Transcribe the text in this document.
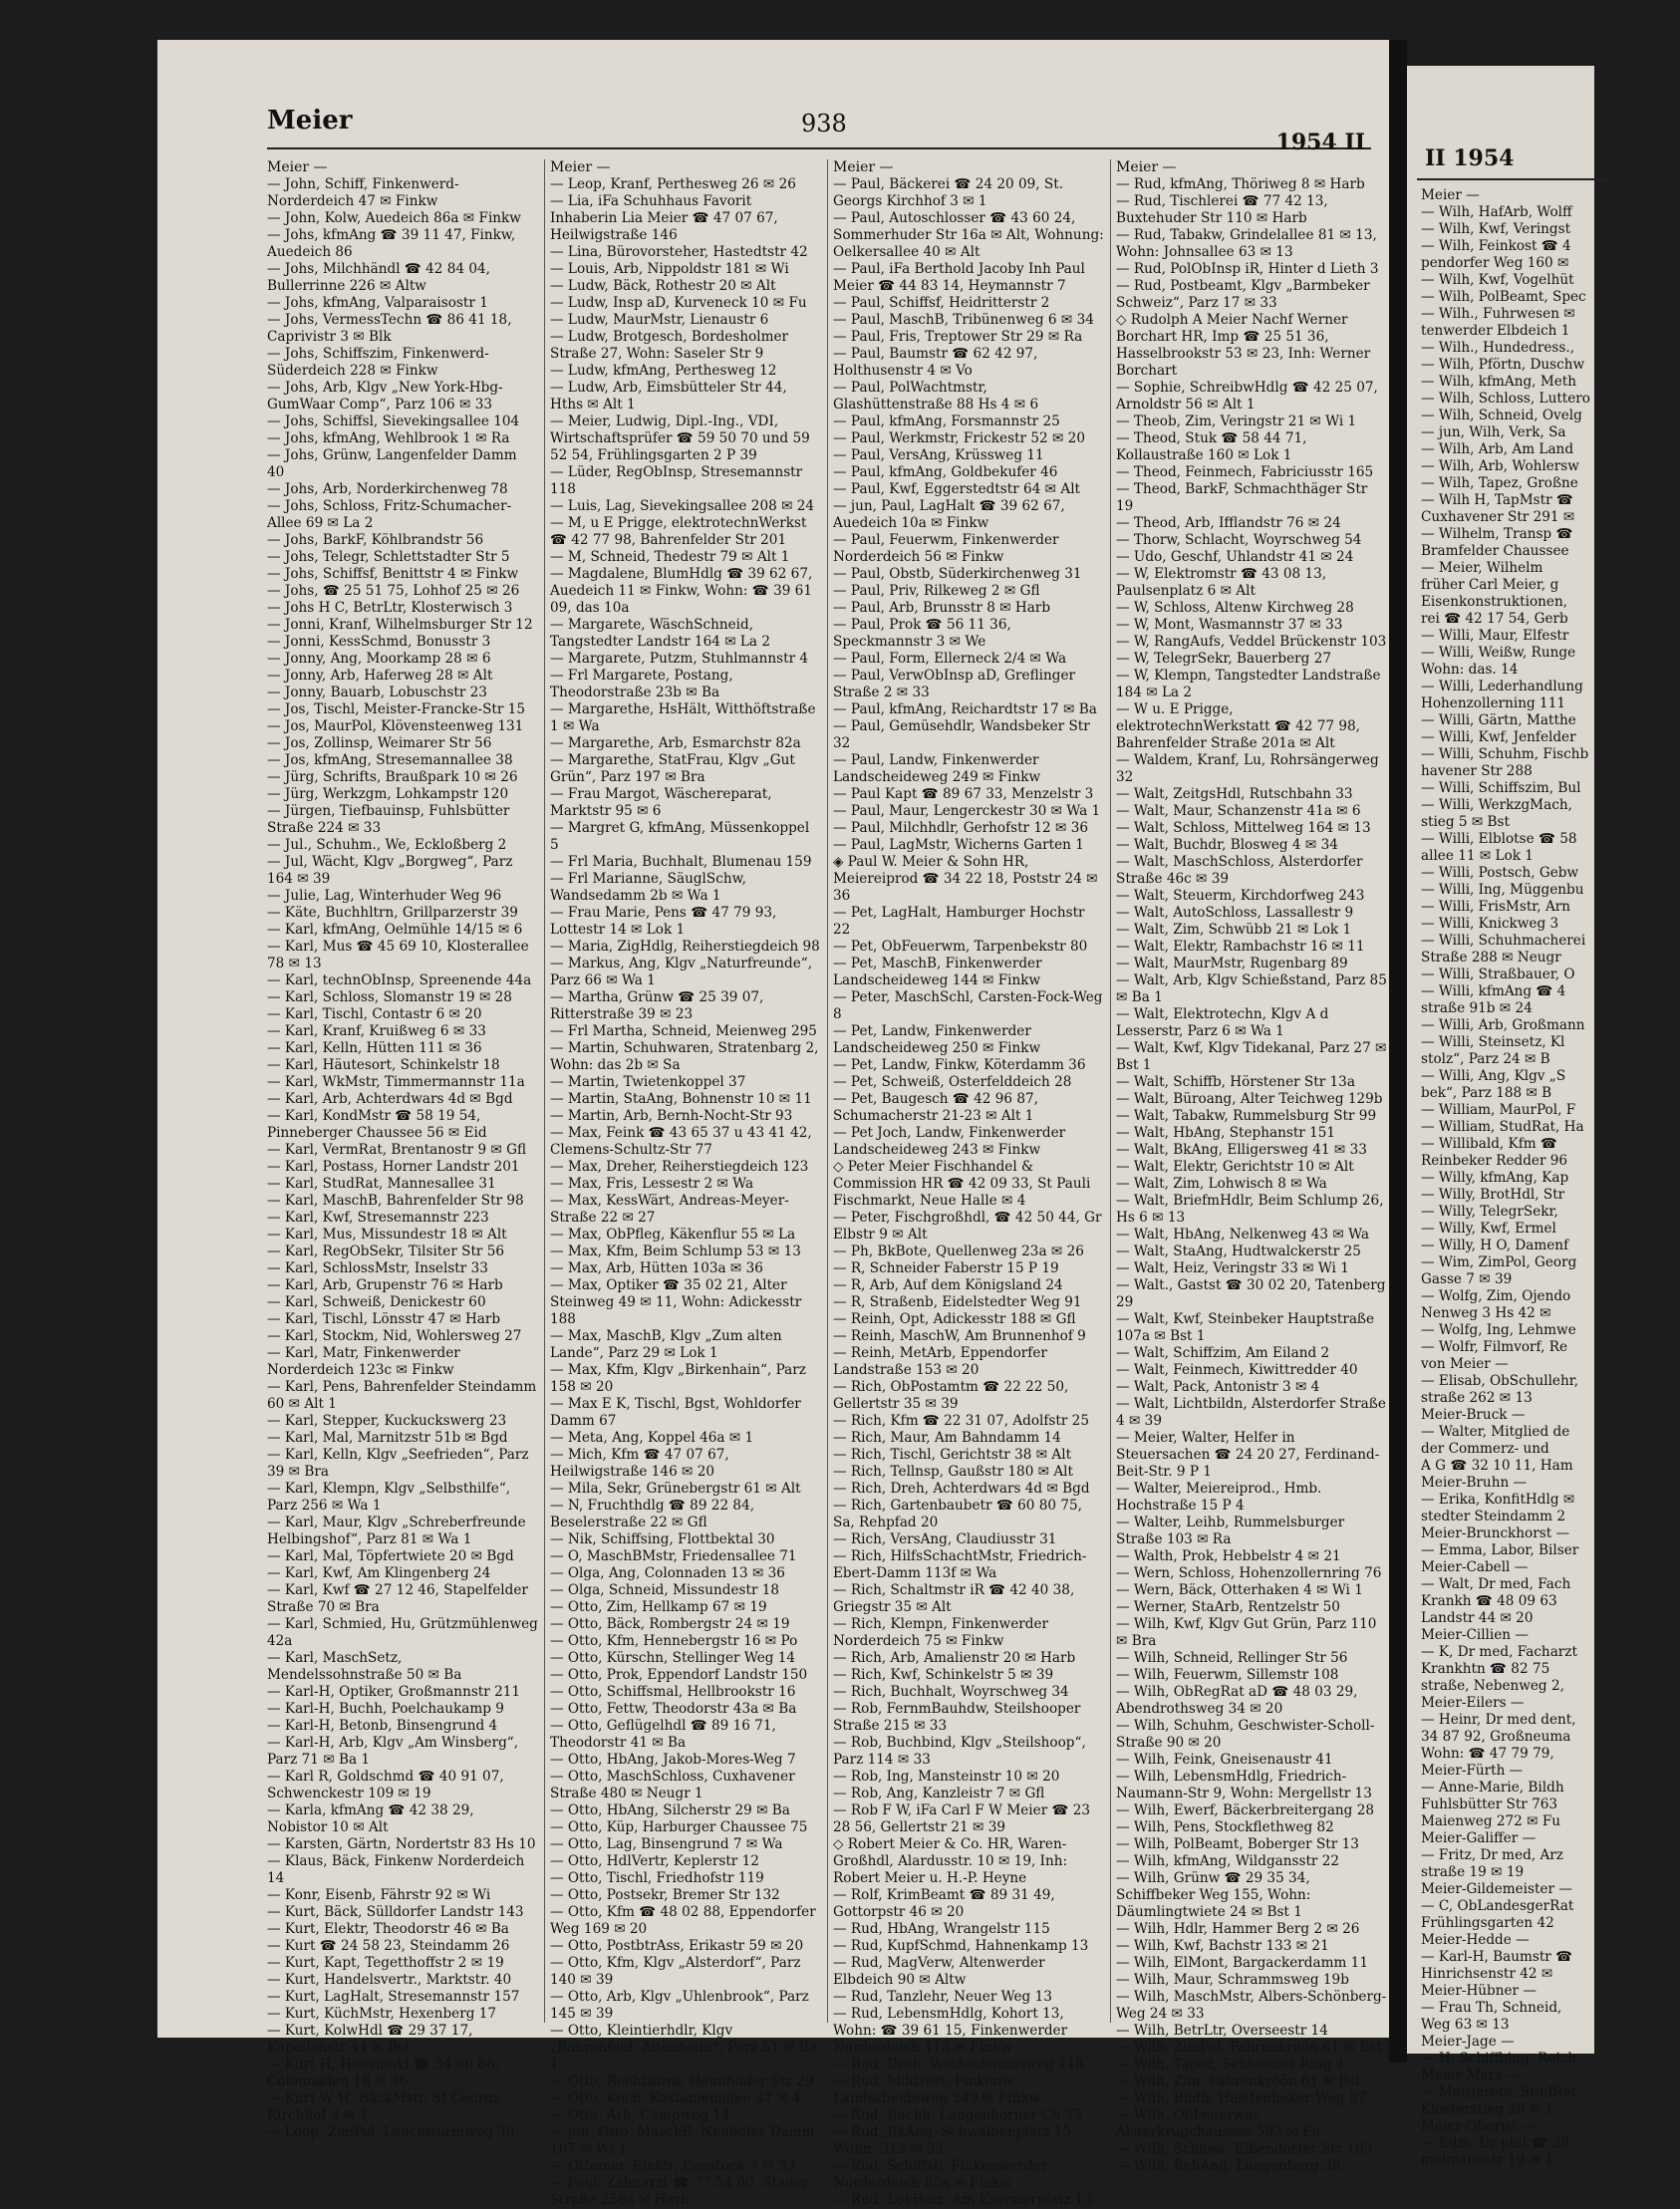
Meier	938
1954 II
Meier —
— John, Schiff, Finkenwerd-Norderdeich 47 ✉ Finkw
— John, Kolw, Auedeich 86a ✉ Finkw
— Johs, kfmAng ☎ 39 11 47, Finkw, Auedeich 86
— Johs, Milchhändl ☎ 42 84 04, Bullerrinne 226 ✉ Altw
— Johs, kfmAng, Valparaisostr 1
— Johs, VermessTechn ☎ 86 41 18, Caprivistr 3 ✉ Blk
— Johs, Schiffszim, Finkenwerd-Süderdeich 228 ✉ Finkw
— Johs, Arb, Klgv „New York-Hbg-GumWaar Comp“, Parz 106 ✉ 33
— Johs, Schiffsl, Sievekingsallee 104
— Johs, kfmAng, Wehlbrook 1 ✉ Ra
— Johs, Grünw, Langenfelder Damm 40
— Johs, Arb, Norderkirchenweg 78
— Johs, Schloss, Fritz-Schumacher-Allee 69 ✉ La 2
— Johs, BarkF, Köhlbrandstr 56
— Johs, Telegr, Schlettstadter Str 5
— Johs, Schiffsf, Benittstr 4 ✉ Finkw
— Johs, ☎ 25 51 75, Lohhof 25 ✉ 26
— Johs H C, BetrLtr, Klosterwisch 3
— Jonni, Kranf, Wilhelmsburger Str 12
— Jonni, KessSchmd, Bonusstr 3
— Jonny, Ang, Moorkamp 28 ✉ 6
— Jonny, Arb, Haferweg 28 ✉ Alt
— Jonny, Bauarb, Lobuschstr 23
— Jos, Tischl, Meister-Francke-Str 15
— Jos, MaurPol, Klövensteenweg 131
— Jos, Zollinsp, Weimarer Str 56
— Jos, kfmAng, Stresemannallee 38
— Jürg, Schrifts, Braußpark 10 ✉ 26
— Jürg, Werkzgm, Lohkampstr 120
— Jürgen, Tiefbauinsp, Fuhlsbütter Straße 224 ✉ 33
— Jul., Schuhm., We, Eckloßberg 2
— Jul, Wächt, Klgv „Borgweg“, Parz 164 ✉ 39
— Julie, Lag, Winterhuder Weg 96
— Käte, Buchhltrn, Grillparzerstr 39
— Karl, kfmAng, Oelmühle 14/15 ✉ 6
— Karl, Mus ☎ 45 69 10, Klosterallee 78 ✉ 13
— Karl, technObInsp, Spreenende 44a
— Karl, Schloss, Slomanstr 19 ✉ 28
— Karl, Tischl, Contastr 6 ✉ 20
— Karl, Kranf, Kruißweg 6 ✉ 33
— Karl, Kelln, Hütten 111 ✉ 36
— Karl, Häutesort, Schinkelstr 18
— Karl, WkMstr, Timmermannstr 11a
— Karl, Arb, Achterdwars 4d ✉ Bgd
— Karl, KondMstr ☎ 58 19 54, Pinneberger Chaussee 56 ✉ Eid
— Karl, VermRat, Brentanostr 9 ✉ Gfl
— Karl, Postass, Horner Landstr 201
— Karl, StudRat, Mannesallee 31
— Karl, MaschB, Bahrenfelder Str 98
— Karl, Kwf, Stresemannstr 223
— Karl, Mus, Missundestr 18 ✉ Alt
— Karl, RegObSekr, Tilsiter Str 56
— Karl, SchlossMstr, Inselstr 33
— Karl, Arb, Grupenstr 76 ✉ Harb
— Karl, Schweiß, Denickestr 60
— Karl, Tischl, Lönsstr 47 ✉ Harb
— Karl, Stockm, Nid, Wohlersweg 27
— Karl, Matr, Finkenwerder Norderdeich 123c ✉ Finkw
— Karl, Pens, Bahrenfelder Steindamm 60 ✉ Alt 1
— Karl, Stepper, Kuckuckswerg 23
— Karl, Mal, Marnitzstr 51b ✉ Bgd
— Karl, Kelln, Klgv „Seefrieden“, Parz 39 ✉ Bra
— Karl, Klempn, Klgv „Selbsthilfe“, Parz 256 ✉ Wa 1
— Karl, Maur, Klgv „Schreberfreunde Helbingshof“, Parz 81 ✉ Wa 1
— Karl, Mal, Töpfertwiete 20 ✉ Bgd
— Karl, Kwf, Am Klingenberg 24
— Karl, Kwf ☎ 27 12 46, Stapelfelder Straße 70 ✉ Bra
— Karl, Schmied, Hu, Grützmühlenweg 42a
— Karl, MaschSetz, Mendelssohnstraße 50 ✉ Ba
— Karl-H, Optiker, Großmannstr 211
— Karl-H, Buchh, Poelchaukamp 9
— Karl-H, Betonb, Binsengrund 4
— Karl-H, Arb, Klgv „Am Winsberg“, Parz 71 ✉ Ba 1
— Karl R, Goldschmd ☎ 40 91 07, Schwenckestr 109 ✉ 19
— Karla, kfmAng ☎ 42 38 29, Nobistor 10 ✉ Alt
— Karsten, Gärtn, Nordertstr 83 Hs 10
— Klaus, Bäck, Finkenw Norderdeich 14
— Konr, Eisenb, Fährstr 92 ✉ Wi
— Kurt, Bäck, Sülldorfer Landstr 143
— Kurt, Elektr, Theodorstr 46 ✉ Ba
— Kurt ☎ 24 58 23, Steindamm 26
— Kurt, Kapt, Tegetthoffstr 2 ✉ 19
— Kurt, Handelsvertr., Marktstr. 40
— Kurt, LagHalt, Stresemannstr 157
— Kurt, KüchMstr, Hexenberg 17
— Kurt, KolwHdl ☎ 29 37 17, Kapellenstr 44 ✉ Bst
— Kurt H, Hausmakl ☎ 34 60 86, Colonnaden 18 ✉ 36
— Kurt W H, BäckMstr, St Georgs Kirchhof 3 ✉ 1
— Leop, ZimPol, Leuchtturmweg 30
Meier —
— Leop, Kranf, Perthesweg 26 ✉ 26
— Lia, iFa Schuhhaus Favorit Inhaberin Lia Meier ☎ 47 07 67, Heilwigstraße 146
— Lina, Bürovorsteher, Hastedtstr 42
— Louis, Arb, Nippoldstr 181 ✉ Wi
— Ludw, Bäck, Rothestr 20 ✉ Alt
— Ludw, Insp aD, Kurveneck 10 ✉ Fu
— Ludw, MaurMstr, Lienaustr 6
— Ludw, Brotgesch, Bordesholmer Straße 27, Wohn: Saseler Str 9
— Ludw, kfmAng, Perthesweg 12
— Ludw, Arb, Eimsbütteler Str 44, Hths ✉ Alt 1
— Meier, Ludwig, Dipl.-Ing., VDI, Wirtschaftsprüfer ☎ 59 50 70 und 59 52 54, Frühlingsgarten 2 P 39
— Lüder, RegObInsp, Stresemannstr 118
— Luis, Lag, Sievekingsallee 208 ✉ 24
— M, u E Prigge, elektrotechnWerkst ☎ 42 77 98, Bahrenfelder Str 201
— M, Schneid, Thedestr 79 ✉ Alt 1
— Magdalene, BlumHdlg ☎ 39 62 67, Auedeich 11 ✉ Finkw, Wohn: ☎ 39 61 09, das 10a
— Margarete, WäschSchneid, Tangstedter Landstr 164 ✉ La 2
— Margarete, Putzm, Stuhlmannstr 4
— Frl Margarete, Postang, Theodorstraße 23b ✉ Ba
— Margarethe, HsHält, Witthöftstraße 1 ✉ Wa
— Margarethe, Arb, Esmarchstr 82a
— Margarethe, StatFrau, Klgv „Gut Grün“, Parz 197 ✉ Bra
— Frau Margot, Wäschereparat, Marktstr 95 ✉ 6
— Margret G, kfmAng, Müssenkoppel 5
— Frl Maria, Buchhalt, Blumenau 159
— Frl Marianne, SäuglSchw, Wandsedamm 2b ✉ Wa 1
— Frau Marie, Pens ☎ 47 79 93, Lottestr 14 ✉ Lok 1
— Maria, ZigHdlg, Reiherstiegdeich 98
— Markus, Ang, Klgv „Naturfreunde“, Parz 66 ✉ Wa 1
— Martha, Grünw ☎ 25 39 07, Ritterstraße 39 ✉ 23
— Frl Martha, Schneid, Meienweg 295
— Martin, Schuhwaren, Stratenbarg 2, Wohn: das 2b ✉ Sa
— Martin, Twietenkoppel 37
— Martin, StaAng, Bohnenstr 10 ✉ 11
— Martin, Arb, Bernh-Nocht-Str 93
— Max, Feink ☎ 43 65 37 u 43 41 42, Clemens-Schultz-Str 77
— Max, Dreher, Reiherstiegdeich 123
— Max, Fris, Lessestr 2 ✉ Wa
— Max, KessWärt, Andreas-Meyer-Straße 22 ✉ 27
— Max, ObPfleg, Käkenflur 55 ✉ La
— Max, Kfm, Beim Schlump 53 ✉ 13
— Max, Arb, Hütten 103a ✉ 36
— Max, Optiker ☎ 35 02 21, Alter Steinweg 49 ✉ 11, Wohn: Adickesstr 188
— Max, MaschB, Klgv „Zum alten Lande“, Parz 29 ✉ Lok 1
— Max, Kfm, Klgv „Birkenhain“, Parz 158 ✉ 20
— Max E K, Tischl, Bgst, Wohldorfer Damm 67
— Meta, Ang, Koppel 46a ✉ 1
— Mich, Kfm ☎ 47 07 67, Heilwigstraße 146 ✉ 20
— Mila, Sekr, Grünebergstr 61 ✉ Alt
— N, Fruchthdlg ☎ 89 22 84, Beselerstraße 22 ✉ Gfl
— Nik, Schiffsing, Flottbektal 30
— O, MaschBMstr, Friedensallee 71
— Olga, Ang, Colonnaden 13 ✉ 36
— Olga, Schneid, Missundestr 18
— Otto, Zim, Hellkamp 67 ✉ 19
— Otto, Bäck, Rombergstr 24 ✉ 19
— Otto, Kfm, Hennebergstr 16 ✉ Po
— Otto, Kürschn, Stellinger Weg 14
— Otto, Prok, Eppendorf Landstr 150
— Otto, Schiffsmal, Hellbrookstr 16
— Otto, Fettw, Theodorstr 43a ✉ Ba
— Otto, Geflügelhdl ☎ 89 16 71, Theodorstr 41 ✉ Ba
— Otto, HbAng, Jakob-Mores-Weg 7
— Otto, MaschSchloss, Cuxhavener Straße 480 ✉ Neugr 1
— Otto, HbAng, Silcherstr 29 ✉ Ba
— Otto, Küp, Harburger Chaussee 75
— Otto, Lag, Binsengrund 7 ✉ Wa
— Otto, HdlVertr, Keplerstr 12
— Otto, Tischl, Friedhofstr 119
— Otto, Postsekr, Bremer Str 132
— Otto, Kfm ☎ 48 02 88, Eppendorfer Weg 169 ✉ 20
— Otto, PostbtrAss, Erikastr 59 ✉ 20
— Otto, Kfm, Klgv „Alsterdorf“, Parz 140 ✉ 39
— Otto, Arb, Klgv „Uhlenbrook“, Parz 145 ✉ 39
— Otto, Kleintierhdlr, Klgv „Bahrenfeld, Altenheim“, Parz 51 ✉ Ba 1
— Otto, Rechtsanw, Heimhuder Str 29
— Otto, Koch, Kastanienallee 37 ✉ 4
— Otto, Arb, Campweg 14
— jun, Otto, MaschB, Neuhöfer Damm 107 ✉ Wi 1
— Ottomar, Elektr, Eenstock 7 ✉ 33
— Paul, Zahnarzt ☎ 77 54 00, Stader Straße 258a ✉ Harb
Meier —
— Paul, Bäckerei ☎ 24 20 09, St. Georgs Kirchhof 3 ✉ 1
— Paul, Autoschlosser ☎ 43 60 24, Sommerhuder Str 16a ✉ Alt, Wohnung: Oelkersallee 40 ✉ Alt
— Paul, iFa Berthold Jacoby Inh Paul Meier ☎ 44 83 14, Heymannstr 7
— Paul, Schiffsf, Heidritterstr 2
— Paul, MaschB, Tribünenweg 6 ✉ 34
— Paul, Fris, Treptower Str 29 ✉ Ra
— Paul, Baumstr ☎ 62 42 97, Holthusenstr 4 ✉ Vo
— Paul, PolWachtmstr, Glashüttenstraße 88 Hs 4 ✉ 6
— Paul, kfmAng, Forsmannstr 25
— Paul, Werkmstr, Frickestr 52 ✉ 20
— Paul, VersAng, Krüssweg 11
— Paul, kfmAng, Goldbekufer 46
— Paul, Kwf, Eggerstedtstr 64 ✉ Alt
— jun, Paul, LagHalt ☎ 39 62 67, Auedeich 10a ✉ Finkw
— Paul, Feuerwm, Finkenwerder Norderdeich 56 ✉ Finkw
— Paul, Obstb, Süderkirchenweg 31
— Paul, Priv, Rilkeweg 2 ✉ Gfl
— Paul, Arb, Brunsstr 8 ✉ Harb
— Paul, Prok ☎ 56 11 36, Speckmannstr 3 ✉ We
— Paul, Form, Ellerneck 2/4 ✉ Wa
— Paul, VerwObInsp aD, Greflinger Straße 2 ✉ 33
— Paul, kfmAng, Reichardtstr 17 ✉ Ba
— Paul, Gemüsehdlr, Wandsbeker Str 32
— Paul, Landw, Finkenwerder Landscheideweg 249 ✉ Finkw
— Paul Kapt ☎ 89 67 33, Menzelstr 3
— Paul, Maur, Lengerckestr 30 ✉ Wa 1
— Paul, Milchhdlr, Gerhofstr 12 ✉ 36
— Paul, LagMstr, Wicherns Garten 1
◈ Paul W. Meier & Sohn HR, Meiereiprod ☎ 34 22 18, Poststr 24 ✉ 36
— Pet, LagHalt, Hamburger Hochstr 22
— Pet, ObFeuerwm, Tarpenbekstr 80
— Pet, MaschB, Finkenwerder Landscheideweg 144 ✉ Finkw
— Peter, MaschSchl, Carsten-Fock-Weg 8
— Pet, Landw, Finkenwerder Landscheideweg 250 ✉ Finkw
— Pet, Landw, Finkw, Köterdamm 36
— Pet, Schweiß, Osterfelddeich 28
— Pet, Baugesch ☎ 42 96 87, Schumacherstr 21-23 ✉ Alt 1
— Pet Joch, Landw, Finkenwerder Landscheideweg 243 ✉ Finkw
◇ Peter Meier Fischhandel & Commission HR ☎ 42 09 33, St Pauli Fischmarkt, Neue Halle ✉ 4
— Peter, Fischgroßhdl, ☎ 42 50 44, Gr Elbstr 9 ✉ Alt
— Ph, BkBote, Quellenweg 23a ✉ 26
— R, Schneider Faberstr 15 P 19
— R, Arb, Auf dem Königsland 24
— R, Straßenb, Eidelstedter Weg 91
— Reinh, Opt, Adickesstr 188 ✉ Gfl
— Reinh, MaschW, Am Brunnenhof 9
— Reinh, MetArb, Eppendorfer Landstraße 153 ✉ 20
— Rich, ObPostamtm ☎ 22 22 50, Gellertstr 35 ✉ 39
— Rich, Kfm ☎ 22 31 07, Adolfstr 25
— Rich, Maur, Am Bahndamm 14
— Rich, Tischl, Gerichtstr 38 ✉ Alt
— Rich, Tellnsp, Gaußstr 180 ✉ Alt
— Rich, Dreh, Achterdwars 4d ✉ Bgd
— Rich, Gartenbaubetr ☎ 60 80 75, Sa, Rehpfad 20
— Rich, VersAng, Claudiusstr 31
— Rich, HilfsSchachtMstr, Friedrich-Ebert-Damm 113f ✉ Wa
— Rich, Schaltmstr iR ☎ 42 40 38, Griegstr 35 ✉ Alt
— Rich, Klempn, Finkenwerder Norderdeich 75 ✉ Finkw
— Rich, Arb, Amalienstr 20 ✉ Harb
— Rich, Kwf, Schinkelstr 5 ✉ 39
— Rich, Buchhalt, Woyrschweg 34
— Rob, FernmBauhdw, Steilshooper Straße 215 ✉ 33
— Rob, Buchbind, Klgv „Steilshoop“, Parz 114 ✉ 33
— Rob, Ing, Mansteinstr 10 ✉ 20
— Rob, Ang, Kanzleistr 7 ✉ Gfl
— Rob F W, iFa Carl F W Meier ☎ 23 28 56, Gellertstr 21 ✉ 39
◇ Robert Meier & Co. HR, Waren-Großhdl, Alardusstr. 10 ✉ 19, Inh: Robert Meier u. H.-P. Heyne
— Rolf, KrimBeamt ☎ 89 31 49, Gottorpstr 46 ✉ 20
— Rud, HbAng, Wrangelstr 115
— Rud, KupfSchmd, Hahnenkamp 13
— Rud, MagVerw, Altenwerder Elbdeich 90 ✉ Altw
— Rud, Tanzlehr, Neuer Weg 13
— Rud, LebensmHdlg, Kohort 13, Wohn: ☎ 39 61 15, Finkenwerder Norderdeich 115 ✉ Finkw
— Rud, Dreh, Weidenbaumsweg 118
— Rud, Mildvert, Finkenw Landscheideweg 249 ✉ Finkw
— Rud, Buchh, Langenhorner Ch 35
— Rud, BkAng, Schwalbenplatz 15, Wohn: 312 ✉ 33
— Rud, Schiffsb, Finkenwerder Norderdeich 85a ✉ Finkw
— Rud, LokHeiz, Am Exerzierplatz 13
Meier —
— Rud, kfmAng, Thöriweg 8 ✉ Harb
— Rud, Tischlerei ☎ 77 42 13, Buxtehuder Str 110 ✉ Harb
— Rud, Tabakw, Grindelallee 81 ✉ 13, Wohn: Johnsallee 63 ✉ 13
— Rud, PolObInsp iR, Hinter d Lieth 3
— Rud, Postbeamt, Klgv „Barmbeker Schweiz“, Parz 17 ✉ 33
◇ Rudolph A Meier Nachf Werner Borchart HR, Imp ☎ 25 51 36, Hasselbrookstr 53 ✉ 23, Inh: Werner Borchart
— Sophie, SchreibwHdlg ☎ 42 25 07, Arnoldstr 56 ✉ Alt 1
— Theob, Zim, Veringstr 21 ✉ Wi 1
— Theod, Stuk ☎ 58 44 71, Kollaustraße 160 ✉ Lok 1
— Theod, Feinmech, Fabriciusstr 165
— Theod, BarkF, Schmachthäger Str 19
— Theod, Arb, Ifflandstr 76 ✉ 24
— Thorw, Schlacht, Woyrschweg 54
— Udo, Geschf, Uhlandstr 41 ✉ 24
— W, Elektromstr ☎ 43 08 13, Paulsenplatz 6 ✉ Alt
— W, Schloss, Altenw Kirchweg 28
— W, Mont, Wasmannstr 37 ✉ 33
— W, RangAufs, Veddel Brückenstr 103
— W, TelegrSekr, Bauerberg 27
— W, Klempn, Tangstedter Landstraße 184 ✉ La 2
— W u. E Prigge, elektrotechnWerkstatt ☎ 42 77 98, Bahrenfelder Straße 201a ✉ Alt
— Waldem, Kranf, Lu, Rohrsängerweg 32
— Walt, ZeitgsHdl, Rutschbahn 33
— Walt, Maur, Schanzenstr 41a ✉ 6
— Walt, Schloss, Mittelweg 164 ✉ 13
— Walt, Buchdr, Blosweg 4 ✉ 34
— Walt, MaschSchloss, Alsterdorfer Straße 46c ✉ 39
— Walt, Steuerm, Kirchdorfweg 243
— Walt, AutoSchloss, Lassallestr 9
— Walt, Zim, Schwübb 21 ✉ Lok 1
— Walt, Elektr, Rambachstr 16 ✉ 11
— Walt, MaurMstr, Rugenbarg 89
— Walt, Arb, Klgv Schießstand, Parz 85 ✉ Ba 1
— Walt, Elektrotechn, Klgv A d Lesserstr, Parz 6 ✉ Wa 1
— Walt, Kwf, Klgv Tidekanal, Parz 27 ✉ Bst 1
— Walt, Schiffb, Hörstener Str 13a
— Walt, Büroang, Alter Teichweg 129b
— Walt, Tabakw, Rummelsburg Str 99
— Walt, HbAng, Stephanstr 151
— Walt, BkAng, Elligersweg 41 ✉ 33
— Walt, Elektr, Gerichtstr 10 ✉ Alt
— Walt, Zim, Lohwisch 8 ✉ Wa
— Walt, BriefmHdlr, Beim Schlump 26, Hs 6 ✉ 13
— Walt, HbAng, Nelkenweg 43 ✉ Wa
— Walt, StaAng, Hudtwalckerstr 25
— Walt, Heiz, Veringstr 33 ✉ Wi 1
— Walt., Gastst ☎ 30 02 20, Tatenberg 29
— Walt, Kwf, Steinbeker Hauptstraße 107a ✉ Bst 1
— Walt, Schiffzim, Am Eiland 2
— Walt, Feinmech, Kiwittredder 40
— Walt, Pack, Antonistr 3 ✉ 4
— Walt, Lichtbildn, Alsterdorfer Straße 4 ✉ 39
— Meier, Walter, Helfer in Steuersachen ☎ 24 20 27, Ferdinand-Beit-Str. 9 P 1
— Walter, Meiereiprod., Hmb. Hochstraße 15 P 4
— Walter, Leihb, Rummelsburger Straße 103 ✉ Ra
— Walth, Prok, Hebbelstr 4 ✉ 21
— Wern, Schloss, Hohenzollernring 76
— Wern, Bäck, Otterhaken 4 ✉ Wi 1
— Werner, StaArb, Rentzelstr 50
— Wilh, Kwf, Klgv Gut Grün, Parz 110 ✉ Bra
— Wilh, Schneid, Rellinger Str 56
— Wilh, Feuerwm, Sillemstr 108
— Wilh, ObRegRat aD ☎ 48 03 29, Abendrothsweg 34 ✉ 20
— Wilh, Schuhm, Geschwister-Scholl-Straße 90 ✉ 20
— Wilh, Feink, Gneisenaustr 41
— Wilh, LebensmHdlg, Friedrich-Naumann-Str 9, Wohn: Mergellstr 13
— Wilh, Ewerf, Bäckerbreitergang 28
— Wilh, Pens, Stockflethweg 82
— Wilh, PolBeamt, Boberger Str 13
— Wilh, kfmAng, Wildgansstr 22
— Wilh, Grünw ☎ 29 35 34, Schiffbeker Weg 155, Wohn: Däumlingtwiete 24 ✉ Bst 1
— Wilh, Hdlr, Hammer Berg 2 ✉ 26
— Wilh, Kwf, Bachstr 133 ✉ 21
— Wilh, ElMont, Bargackerdamm 11
— Wilh, Maur, Schrammsweg 19b
— Wilh, MaschMstr, Albers-Schönberg-Weg 24 ✉ 33
— Wilh, BetrLtr, Overseestr 14
— Wilh, ZimPol, Fahrenkröön 61 ✉ Bst
— Wilh, Tapez, Schleemer Ring 4
— Wilh, Zim, Fahrenkröön 61 ✉ Bst
— Wilh, Bildh, Halstenbeker Weg 57
— Wilh, ObFeuerwm, Alsterkrugchaussee 592 ✉ Fu
— Wilh, Schloss, Eißendorfer Str 193
— Wilh, BehAng, Langenberg 38
II 1954
Meier —
— Wilh, HafArb, Wolff
— Wilh, Kwf, Veringst
— Wilh, Feinkost ☎ 4
pendorfer Weg 160 ✉
— Wilh, Kwf, Vogelhüt
— Wilh, PolBeamt, Spec
— Wilh., Fuhrwesen ✉
tenwerder Elbdeich 1
— Wilh., Hundedress.,
— Wilh, Pförtn, Duschw
— Wilh, kfmAng, Meth
— Wilh, Schloss, Luttero
— Wilh, Schneid, Ovelg
— jun, Wilh, Verk, Sa
— Wilh, Arb, Am Land
— Wilh, Arb, Wohlersw
— Wilh, Tapez, Großne
— Wilh H, TapMstr ☎
Cuxhavener Str 291 ✉
— Wilhelm, Transp ☎
Bramfelder Chaussee
— Meier, Wilhelm
früher Carl Meier, g
Eisenkonstruktionen,
rei ☎ 42 17 54, Gerb
— Willi, Maur, Elfestr
— Willi, Weißw, Runge
Wohn: das. 14
— Willi, Lederhandlung
Hohenzollerning 111
— Willi, Gärtn, Matthe
— Willi, Kwf, Jenfelder
— Willi, Schuhm, Fischb
havener Str 288
— Willi, Schiffszim, Bul
— Willi, WerkzgMach,
stieg 5 ✉ Bst
— Willi, Elblotse ☎ 58
allee 11 ✉ Lok 1
— Willi, Postsch, Gebw
— Willi, Ing, Müggenbu
— Willi, FrisMstr, Arn
— Willi, Knickweg 3
— Willi, Schuhmacherei
Straße 288 ✉ Neugr
— Willi, Straßbauer, O
— Willi, kfmAng ☎ 4
straße 91b ✉ 24
— Willi, Arb, Großmann
— Willi, Steinsetz, Kl
stolz“, Parz 24 ✉ B
— Willi, Ang, Klgv „S
bek“, Parz 188 ✉ B
— William, MaurPol, F
— William, StudRat, Ha
— Willibald, Kfm ☎
Reinbeker Redder 96
— Willy, kfmAng, Kap
— Willy, BrotHdl, Str
— Willy, TelegrSekr,
— Willy, Kwf, Ermel
— Willy, H O, Damenf
— Wim, ZimPol, Georg
Gasse 7 ✉ 39
— Wolfg, Zim, Ojendo
Nenweg 3 Hs 42 ✉
— Wolfg, Ing, Lehmwe
— Wolfr, Filmvorf, Re
von Meier —
— Elisab, ObSchullehr,
straße 262 ✉ 13
Meier-Bruck —
— Walter, Mitglied de
der Commerz- und
A G ☎ 32 10 11, Ham
Meier-Bruhn —
— Erika, KonfitHdlg ✉
stedter Steindamm 2
Meier-Brunckhorst —
— Emma, Labor, Bilser
Meier-Cabell —
— Walt, Dr med, Fach
Krankh ☎ 48 09 63
Landstr 44 ✉ 20
Meier-Cillien —
— K, Dr med, Facharzt
Krankhtn ☎ 82 75
straße, Nebenweg 2,
Meier-Eilers —
— Heinr, Dr med dent,
34 87 92, Großneuma
Wohn: ☎ 47 79 79,
Meier-Fürth —
— Anne-Marie, Bildh
Fuhlsbütter Str 763
Maienweg 272 ✉ Fu
Meier-Galiffer —
— Fritz, Dr med, Arz
straße 19 ✉ 19
Meier-Gildemeister —
— C, ObLandesgerRat
Frühlingsgarten 42
Meier-Hedde —
— Karl-H, Baumstr ☎
Hinrichsenstr 42 ✉
Meier-Hübner —
— Frau Th, Schneid,
Weg 63 ✉ 13
Meier-Jage —
— H, Schiffbing, Reich
Meier-Marx —
— Margarete, StudRat
Klosterstieg 28 ✉ 1
Meier-Oberist —
— Edm, Dr phil ☎ 28
melmannstr 19 ✉ 1
